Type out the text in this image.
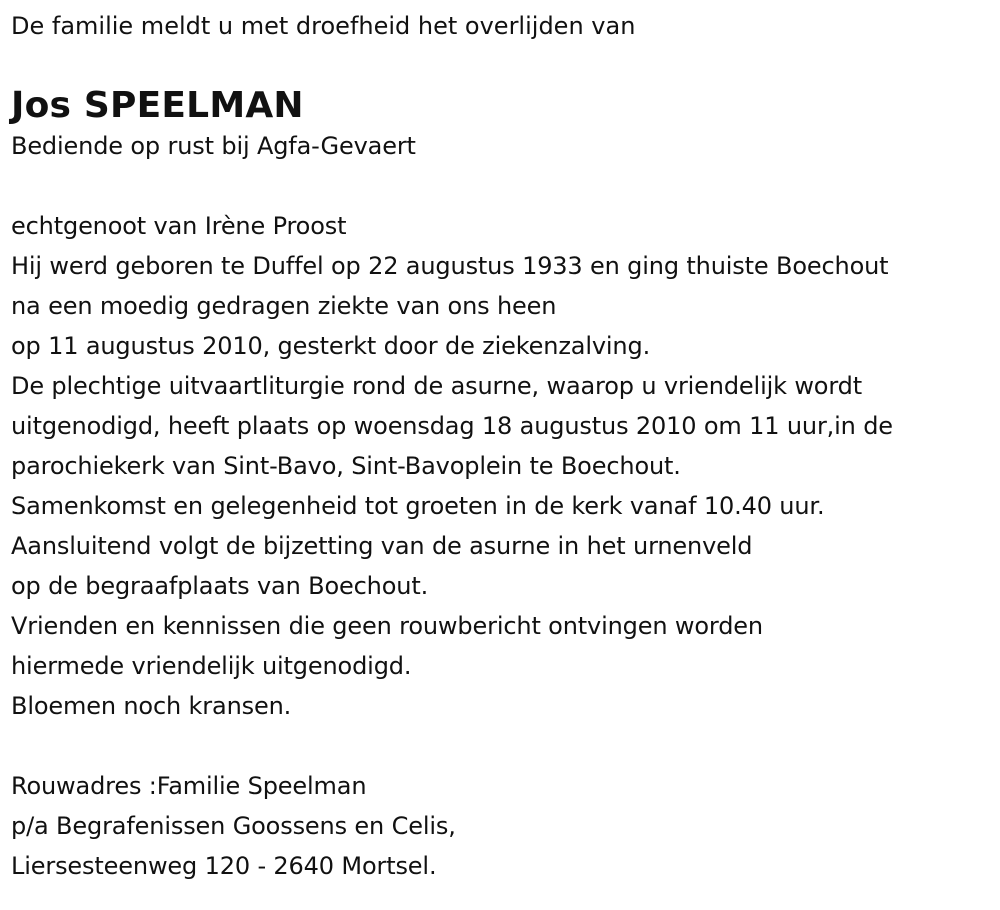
De familie meldt u met droefheid het overlijden van
Jos SPEELMAN
Bediende op rust bij Agfa-Gevaert
echtgenoot van Irène Proost
Hij werd geboren te Duffel op 22 augustus 1933 en ging thuiste Boechout
na een moedig gedragen ziekte van ons heen
op 11 augustus 2010, gesterkt door de ziekenzalving.
De plechtige uitvaartliturgie rond de asurne, waarop u vriendelijk wordt
uitgenodigd, heeft plaats op woensdag 18 augustus 2010 om 11 uur,in de
parochiekerk van Sint-Bavo, Sint-Bavoplein te Boechout.
Samenkomst en gelegenheid tot groeten in de kerk vanaf 10.40 uur.
Aansluitend volgt de bijzetting van de asurne in het urnenveld
op de begraafplaats van Boechout.
Vrienden en kennissen die geen rouwbericht ontvingen worden
hiermede vriendelijk uitgenodigd.
Bloemen noch kransen.
Rouwadres :Familie Speelman
p/a Begrafenissen Goossens en Celis,
Liersesteenweg 120 - 2640 Mortsel.
